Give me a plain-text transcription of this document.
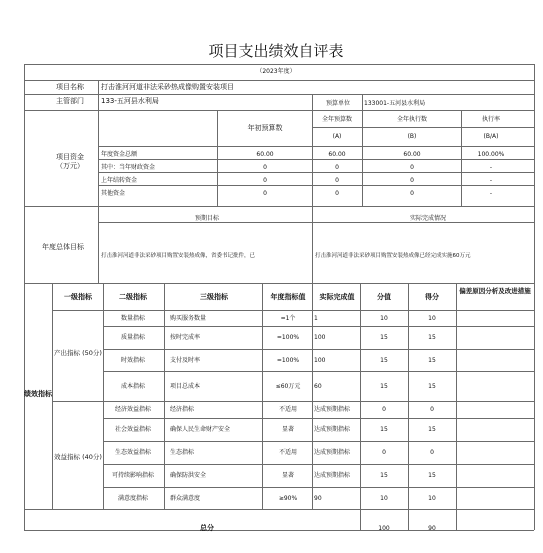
项目支出绩效自评表
（2023年度）
项目名称 打击淮河河道非法采砂热成像购置安装项目
主管部门 133-五河县水利局	预算单位 133001-五河县水利局
项目资金
（万元）
年初预算数
全年预算数	全年执行数	执行率
(A)	(B)	(B/A)
年度资金总额	60.00	60.00	60.00	100.00%
其中：当年财政资金	0	0	0	-
上年结转资金	0	0	0	-
其他资金	0	0	0	-
年度总体目标
预期目标	实际完成情况
打击淮河河道非法采砂项目购置安装热成像，省委书记批件，已	打击淮河河道非法采砂项目购置安装热成像已经完成实施60万元
一级指标	二级指标	三级指标	年度指标值 实际完成值	分值	得分
偏差原因分析及改进措施
绩效指标
产出指标 (50分)
效益指标 (40分)
数量指标	购买服务数量	=1个	1	10	10
质量指标	按时完成率	=100% 100	15	15
时效指标	支付及时率	=100% 100	15	15
成本指标	项目总成本	≤60万元 60	15	15
经济效益指标	经济指标	不适用	达成预期指标	0	0
社会效益指标	确保人民生命财产安全	显著	达成预期指标	15	15
生态效益指标	生态指标	不适用	达成预期指标	0	0
可持续影响指标	确保防洪安全	显著	达成预期指标	15	15
满意度指标	群众满意度	≥90%	90	10	10
总分	100	90
